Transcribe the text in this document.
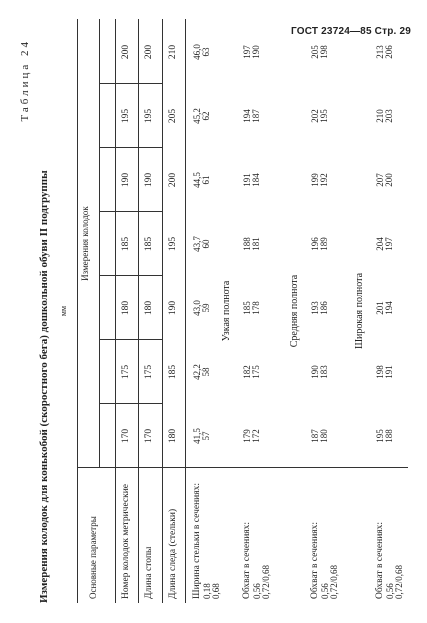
ГОСТ 23724—85 Стр. 29
Таблица 24
Измерения колодок для конькобой (скоростного бега) дошкольной обуви II подгруппы мм
Основные параметры
Измерения колодок
Номер колодок метрические
170
175
180
185
190
195
200
Длина стопы
170
175
180
185
190
195
200
Длина следа (стельки)
180
185
190
195
200
205
210
Ширина стельки в сечениях: 0,18 0,68
41,5 57
42,2 58
43,0 59
43,7 60
44,5 61
45,2 62
46,0 63
Узкая полнота
Обхват в сечениях: 0,56 0,72/0,68
179 172
182 175
185 178
188 181
191 184
194 187
197 190
Средняя полнота
Обхват в сечениях: 0,56 0,72/0,68
187 180
190 183
193 186
196 189
199 192
202 195
205 198
Широкая полнота
Обхват в сечениях: 0,56 0,72/0,68
195 188
198 191
201 194
204 197
207 200
210 203
213 206
